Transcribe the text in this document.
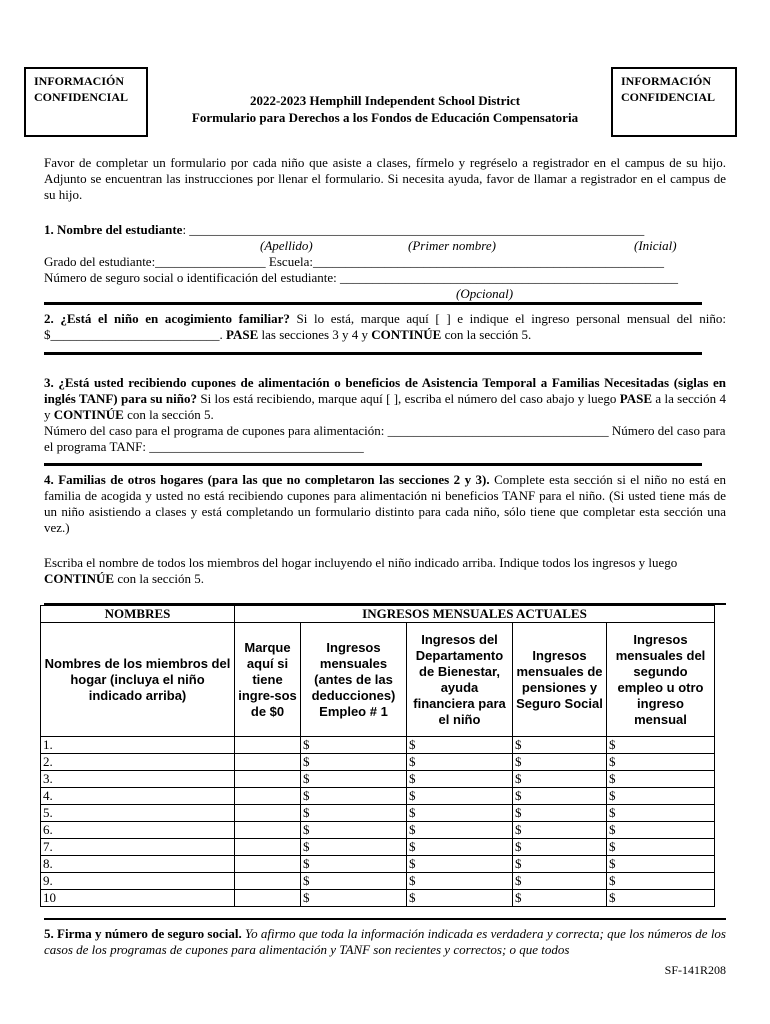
INFORMACIÓN CONFIDENCIAL
INFORMACIÓN CONFIDENCIAL
2022-2023 Hemphill Independent School District
Formulario para Derechos a los Fondos de Educación Compensatoria
Favor de completar un formulario por cada niño que asiste a clases, fírmelo y regréselo a registrador en el campus de su hijo. Adjunto se encuentran las instrucciones por llenar el formulario. Si necesita ayuda, favor de llamar a registrador en el campus de su hijo.
1. Nombre del estudiante: ______________________________________________________________________
(Apellido)	(Primer nombre)	(Inicial)
Grado del estudiante:_________________ Escuela:______________________________________________________
Número de seguro social o identificación del estudiante: ____________________________________________________
(Opcional)
2. ¿Está el niño en acogimiento familiar? Si lo está, marque aquí [ ] e indique el ingreso personal mensual del niño: $__________________________. PASE las secciones 3 y 4 y CONTINÚE con la sección 5.
3. ¿Está usted recibiendo cupones de alimentación o beneficios de Asistencia Temporal a Familias Necesitadas (siglas en inglés TANF) para su niño? Si los está recibiendo, marque aquí [ ], escriba el número del caso abajo y luego PASE a la sección 4 y CONTINÚE con la sección 5.
Número del caso para el programa de cupones para alimentación: __________________________________ Número del caso para el programa TANF: _________________________________
4. Familias de otros hogares (para las que no completaron las secciones 2 y 3). Complete esta sección si el niño no está en familia de acogida y usted no está recibiendo cupones para alimentación ni beneficios TANF para el niño. (Si usted tiene más de un niño asistiendo a clases y está completando un formulario distinto para cada niño, sólo tiene que completar esta sección una vez.)
Escriba el nombre de todos los miembros del hogar incluyendo el niño indicado arriba. Indique todos los ingresos y luego CONTINÚE con la sección 5.
NOMBRES	INGRESOS MENSUALES ACTUALES				
Nombres de los miembros del hogar (incluya el niño indicado arriba)	Marque aquí si tiene ingre-sos de $0	Ingresos mensuales (antes de las deducciones) Empleo # 1	Ingresos del Departamento de Bienestar, ayuda financiera para el niño	Ingresos mensuales de pensiones y Seguro Social	Ingresos mensuales del segundo empleo u otro ingreso mensual
1.		$	$	$	$
2.		$	$	$	$
3.		$	$	$	$
4.		$	$	$	$
5.		$	$	$	$
6.		$	$	$	$
7.		$	$	$	$
8.		$	$	$	$
9.		$	$	$	$
10		$	$	$	$
5. Firma y número de seguro social. Yo afirmo que toda la información indicada es verdadera y correcta; que los números de los casos de los programas de cupones para alimentación y TANF son recientes y correctos; o que todos
SF-141R208
